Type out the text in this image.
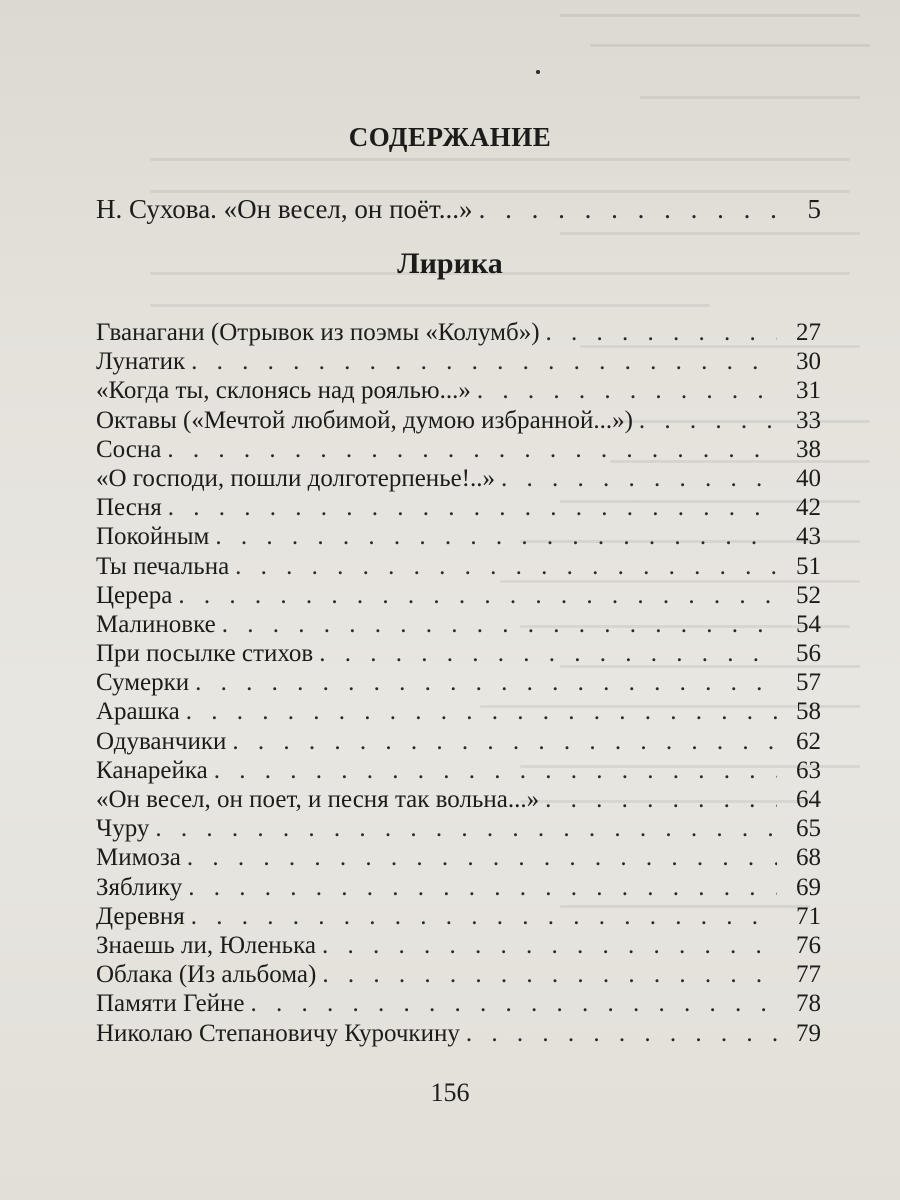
СОДЕРЖАНИЕ
Н. Сухова. «Он весел, он поёт...» . . .	5
Лирика
Гванагани (Отрывок из поэмы «Колумб») . . .	27
Лунатик . . .	30
«Когда ты, склонясь над роялью...» . . .	31
Октавы («Мечтой любимой, думою избранной...») . . .	33
Сосна . . .	38
«О господи, пошли долготерпенье!..» . . .	40
Песня . . .	42
Покойным . . .	43
Ты печальна . . .	51
Церера . . .	52
Малиновке . . .	54
При посылке стихов . . .	56
Сумерки . . .	57
Арашка . . .	58
Одуванчики . . .	62
Канарейка . . .	63
«Он весел, он поет, и песня так вольна...» . . .	64
Чуру . . .	65
Мимоза . . .	68
Зяблику . . .	69
Деревня . . .	71
Знаешь ли, Юленька . . .	76
Облака (Из альбома) . . .	77
Памяти Гейне . . .	78
Николаю Степановичу Курочкину . . .	79
156
